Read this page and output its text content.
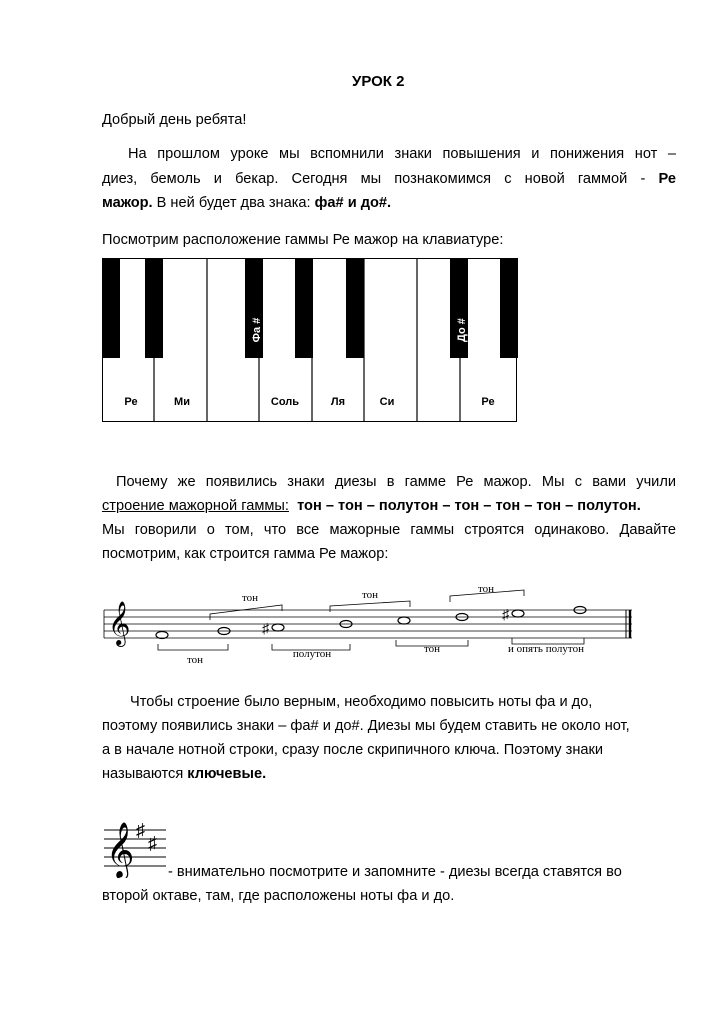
УРОК 2
Добрый день ребята!
На прошлом уроке мы вспомнили знаки повышения и понижения нот –
диез, бемоль и бекар. Сегодня мы познакомимся с новой гаммой - Ре
мажор. В ней будет два знака: фа# и до#.
Посмотрим расположение гаммы Ре мажор на клавиатуре:
Фа #	До #
Ре	Ми	Соль	Ля	Си	Ре
Почему же появились знаки диезы в гамме Ре мажор. Мы с вами учили
строение мажорной гаммы: тон – тон – полутон – тон – тон – тон – полутон.
Мы говорили о том, что все мажорные гаммы строятся одинаково. Давайте
посмотрим, как строится гамма Ре мажор:
𝄞	♯
♯
тон	тон	тон
тон	полутон	тон	и опять полутон
Чтобы строение было верным, необходимо повысить ноты фа и до,
поэтому появились знаки – фа# и до#. Диезы мы будем ставить не около нот,
а в начале нотной строки, сразу после скрипичного ключа. Поэтому знаки
называются ключевые.
𝄞 ♯
♯
- внимательно посмотрите и запомните - диезы всегда ставятся во
второй октаве, там, где расположены ноты фа и до.
